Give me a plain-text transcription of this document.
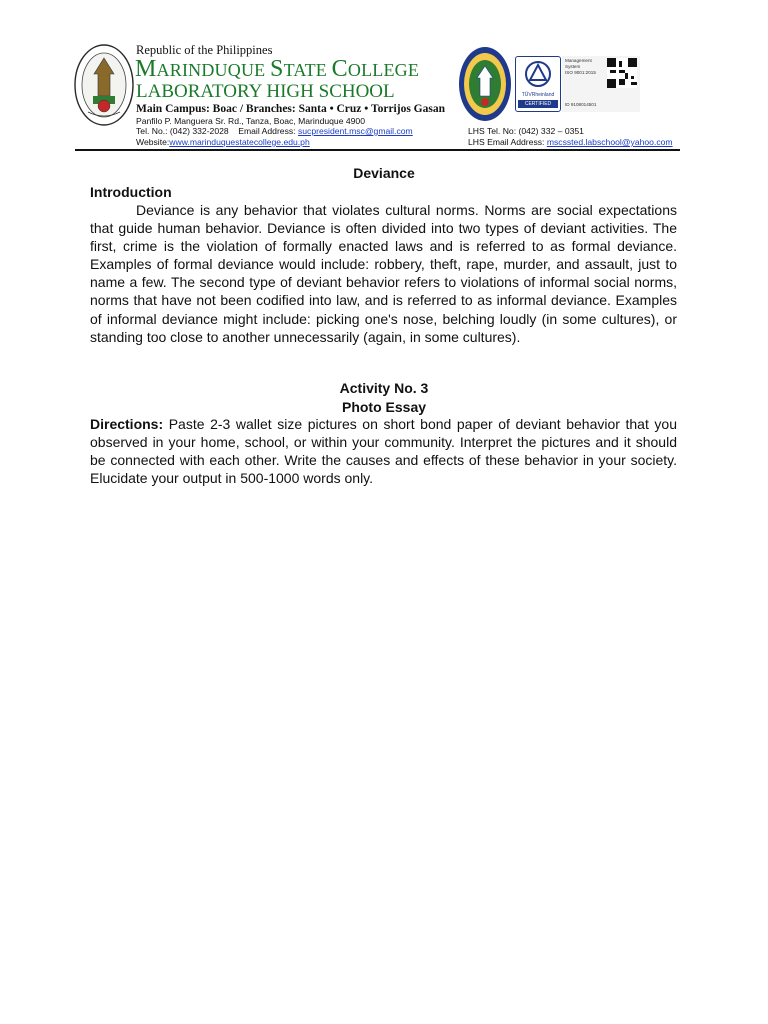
Republic of the Philippines
MARINDUQUE STATE COLLEGE
LABORATORY HIGH SCHOOL
Main Campus: Boac / Branches: Santa • Cruz • Torrijos Gasan
Panfilo P. Manguera Sr. Rd., Tanza, Boac, Marinduque 4900
Tel. No.: (042) 332-2028 Email Address: sucpresident.msc@gmail.com
Website:www.marinduquestatecollege.edu.ph
LHS Tel. No: (042) 332 – 0351
LHS Email Address: mscssted.labschool@yahoo.com
TÜVRheinland
CERTIFIED
Management
System
ISO 9001:2015
ID 9108014501
Deviance
Introduction
Deviance is any behavior that violates cultural norms. Norms are social expectations that guide human behavior. Deviance is often divided into two types of deviant activities. The first, crime is the violation of formally enacted laws and is referred to as formal deviance. Examples of formal deviance would include: robbery, theft, rape, murder, and assault, just to name a few. The second type of deviant behavior refers to violations of informal social norms, norms that have not been codified into law, and is referred to as informal deviance. Examples of informal deviance might include: picking one's nose, belching loudly (in some cultures), or standing too close to another unnecessarily (again, in some cultures).
Activity No. 3
Photo Essay
Directions: Paste 2-3 wallet size pictures on short bond paper of deviant behavior that you observed in your home, school, or within your community. Interpret the pictures and it should be connected with each other. Write the causes and effects of these behavior in your society. Elucidate your output in 500-1000 words only.
